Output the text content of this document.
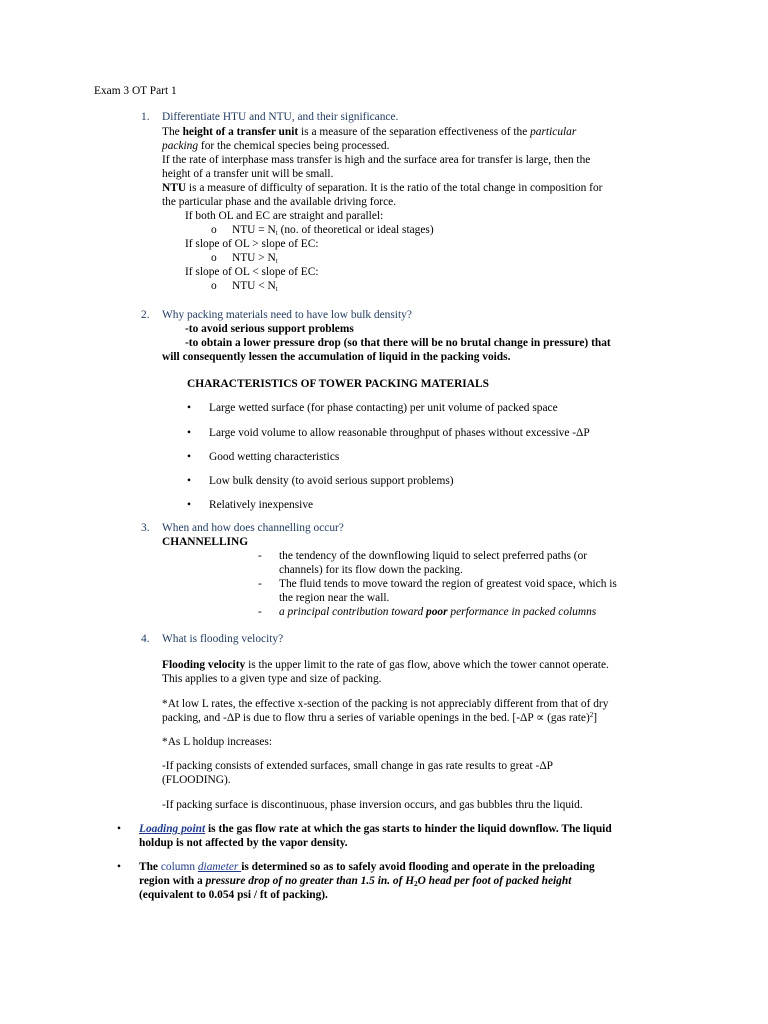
Exam 3 OT Part 1
1. Differentiate HTU and NTU, and their significance.
The height of a transfer unit is a measure of the separation effectiveness of the particular
packing for the chemical species being processed.
If the rate of interphase mass transfer is high and the surface area for transfer is large, then the
height of a transfer unit will be small.
NTU is a measure of difficulty of separation. It is the ratio of the total change in composition for
the particular phase and the available driving force.
If both OL and EC are straight and parallel:
o NTU = $N_t$ (no. of theoretical or ideal stages)
If slope of OL > slope of EC:
o NTU > $N_t$
If slope of OL < slope of EC:
o NTU < $N_t$
2. Why packing materials need to have low bulk density?
-to avoid serious support problems
-to obtain a lower pressure drop (so that there will be no brutal change in pressure) that
will consequently lessen the accumulation of liquid in the packing voids.
CHARACTERISTICS OF TOWER PACKING MATERIALS
• Large wetted surface (for phase contacting) per unit volume of packed space
• Large void volume to allow reasonable throughput of phases without excessive -ΔP
• Good wetting characteristics
• Low bulk density (to avoid serious support problems)
• Relatively inexpensive
3. When and how does channelling occur?
CHANNELLING
- the tendency of the downflowing liquid to select preferred paths (or
channels) for its flow down the packing.
- The fluid tends to move toward the region of greatest void space, which is
the region near the wall.
- a principal contribution toward poor performance in packed columns
4. What is flooding velocity?
Flooding velocity is the upper limit to the rate of gas flow, above which the tower cannot operate.
This applies to a given type and size of packing.
*At low L rates, the effective x-section of the packing is not appreciably different from that of dry
packing, and -ΔP is due to flow thru a series of variable openings in the bed. [-ΔP ∝ (gas rate)$^2$]
*As L holdup increases:
-If packing consists of extended surfaces, small change in gas rate results to great -ΔP
(FLOODING).
-If packing surface is discontinuous, phase inversion occurs, and gas bubbles thru the liquid.
• Loading point is the gas flow rate at which the gas starts to hinder the liquid downflow. The liquid
holdup is not affected by the vapor density.
• The column diameter is determined so as to safely avoid flooding and operate in the preloading
region with a pressure drop of no greater than 1.5 in. of $H_2O$ head per foot of packed height
(equivalent to 0.054 psi / ft of packing).
